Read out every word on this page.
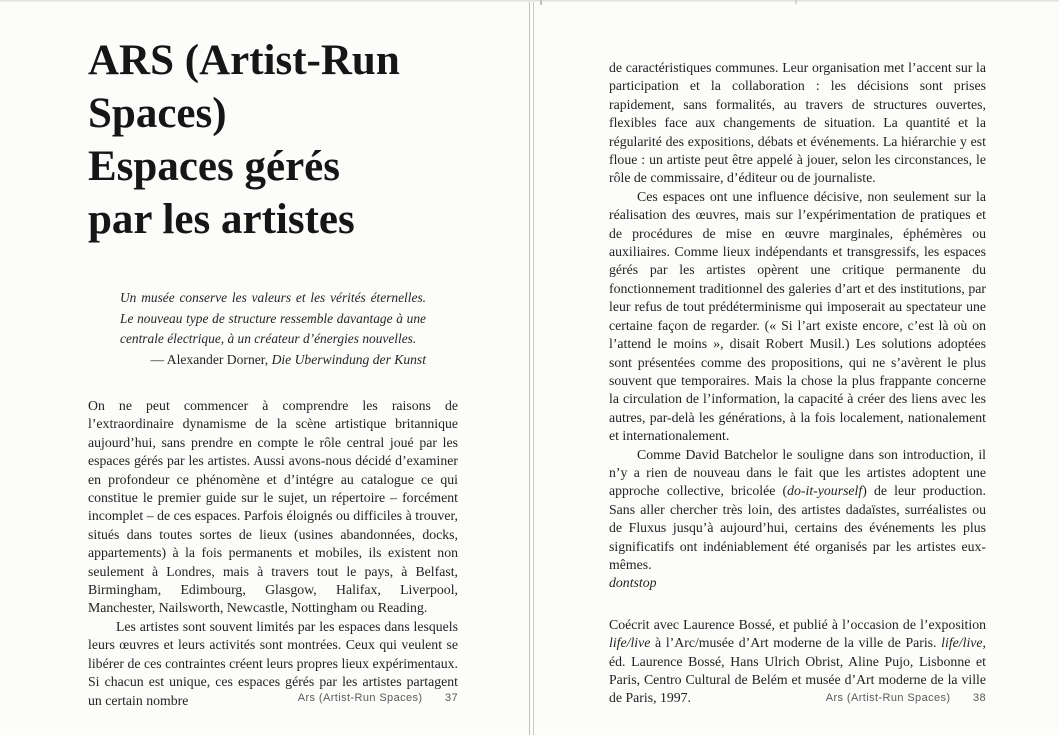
ARS (Artist-Run
Spaces)
Espaces gérés
par les artistes

Un musée conserve les valeurs et les vérités éternelles. Le nouveau type de structure ressemble davantage à une centrale électrique, à un créateur d’énergies nouvelles.

— Alexander Dorner, Die Uberwindung der Kunst

On ne peut commencer à comprendre les raisons de l’extraordinaire dynamisme de la scène artistique britannique aujourd’hui, sans prendre en compte le rôle central joué par les espaces gérés par les artistes. Aussi avons-nous décidé d’examiner en profondeur ce phénomène et d’intégre au catalogue ce qui constitue le premier guide sur le sujet, un répertoire – forcément incomplet – de ces espaces. Parfois éloignés ou difficiles à trouver, situés dans toutes sortes de lieux (usines abandonnées, docks, appartements) à la fois permanents et mobiles, ils existent non seulement à Londres, mais à travers tout le pays, à Belfast, Birmingham, Edimbourg, Glasgow, Halifax, Liverpool, Manchester, Nailsworth, Newcastle, Nottingham ou Reading.

Les artistes sont souvent limités par les espaces dans lesquels leurs œuvres et leurs activités sont montrées. Ceux qui veulent se libérer de ces contraintes créent leurs propres lieux expérimentaux. Si chacun est unique, ces espaces gérés par les artistes partagent un certain nombre	Ars (Artist-Run Spaces) 37

de caractéristiques communes. Leur organisation met l’accent sur la participation et la collaboration : les décisions sont prises rapidement, sans formalités, au travers de structures ouvertes, flexibles face aux changements de situation. La quantité et la régularité des expositions, débats et événements. La hiérarchie y est floue : un artiste peut être appelé à jouer, selon les circonstances, le rôle de commissaire, d’éditeur ou de journaliste.

Ces espaces ont une influence décisive, non seulement sur la réalisation des œuvres, mais sur l’expérimentation de pratiques et de procédures de mise en œuvre marginales, éphémères ou auxiliaires. Comme lieux indépendants et transgressifs, les espaces gérés par les artistes opèrent une critique permanente du fonctionnement traditionnel des galeries d’art et des institutions, par leur refus de tout prédéterminisme qui imposerait au spectateur une certaine façon de regarder. (« Si l’art existe encore, c’est là où on l’attend le moins », disait Robert Musil.) Les solutions adoptées sont présentées comme des propositions, qui ne s’avèrent le plus souvent que temporaires. Mais la chose la plus frappante concerne la circulation de l’information, la capacité à créer des liens avec les autres, par-delà les générations, à la fois localement, nationalement et internationalement.

Comme David Batchelor le souligne dans son introduction, il n’y a rien de nouveau dans le fait que les artistes adoptent une approche collective, bricolée (do-it-yourself) de leur production. Sans aller chercher très loin, des artistes dadaïstes, surréalistes ou de Fluxus jusqu’à aujourd’hui, certains des événements les plus significatifs ont indéniablement été organisés par les artistes eux-mêmes.

dontstop

Coécrit avec Laurence Bossé, et publié à l’occasion de l’exposition life/live à l’Arc/musée d’Art moderne de la ville de Paris. life/live, éd. Laurence Bossé, Hans Ulrich Obrist, Aline Pujo, Lisbonne et Paris, Centro Cultural de Belém et musée d’Art moderne de la ville de Paris, 1997.	Ars (Artist-Run Spaces) 38
